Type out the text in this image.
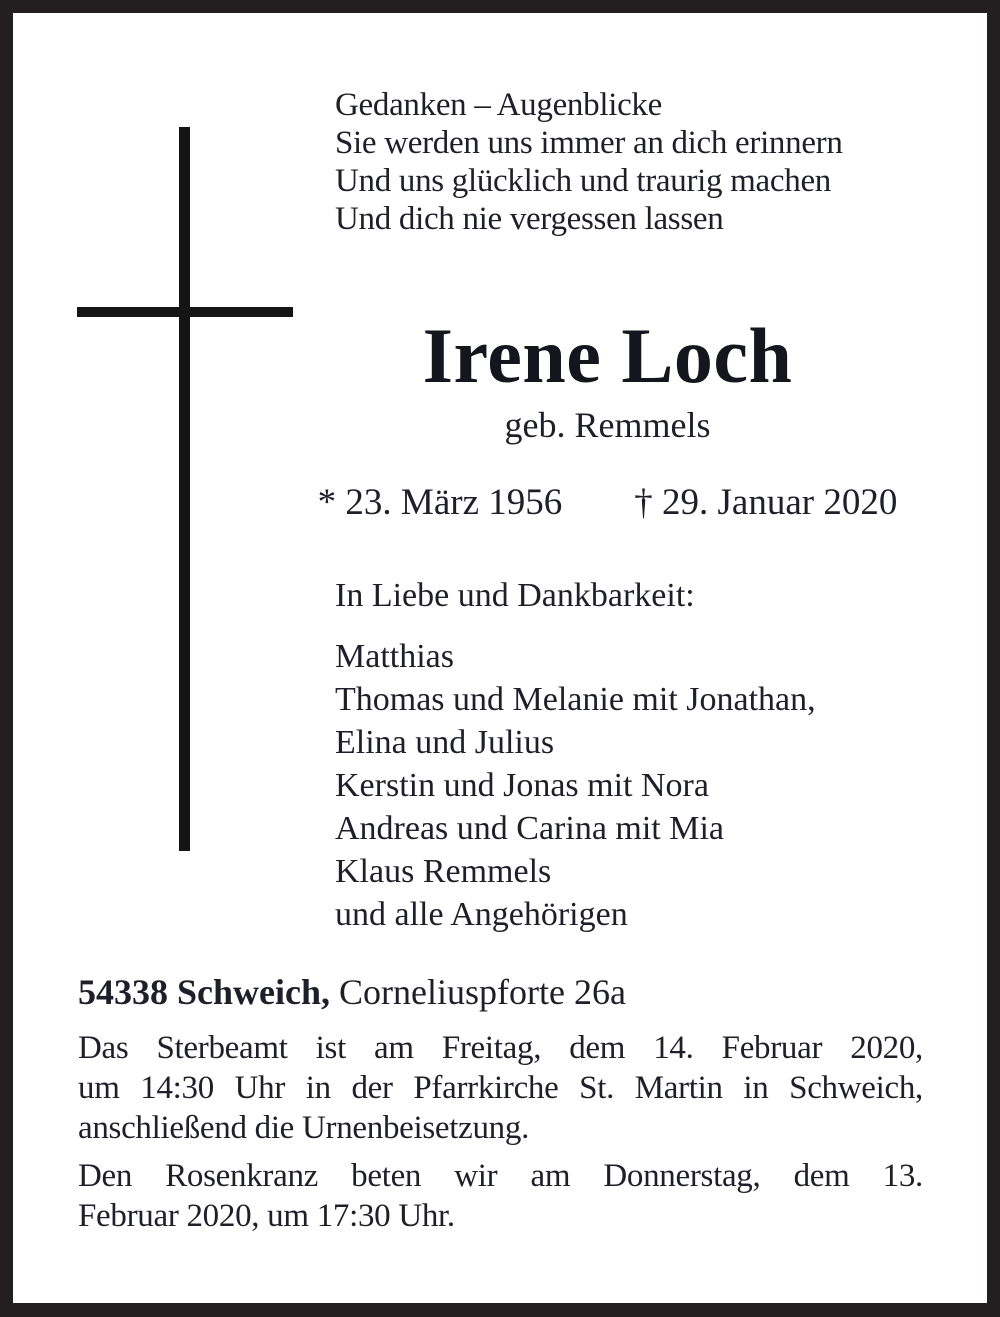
Gedanken – Augenblicke
Sie werden uns immer an dich erinnern
Und uns glücklich und traurig machen
Und dich nie vergessen lassen
Irene Loch
geb. Remmels
* 23. März 1956 † 29. Januar 2020
In Liebe und Dankbarkeit:
Matthias
Thomas und Melanie mit Jonathan,
Elina und Julius
Kerstin und Jonas mit Nora
Andreas und Carina mit Mia
Klaus Remmels
und alle Angehörigen
54338 Schweich, Corneliuspforte 26a
Das Sterbeamt ist am Freitag, dem 14. Februar 2020,
um 14:30 Uhr in der Pfarrkirche St. Martin in Schweich,
anschließend die Urnenbeisetzung.
Den Rosenkranz beten wir am Donnerstag, dem 13.
Februar 2020, um 17:30 Uhr.
